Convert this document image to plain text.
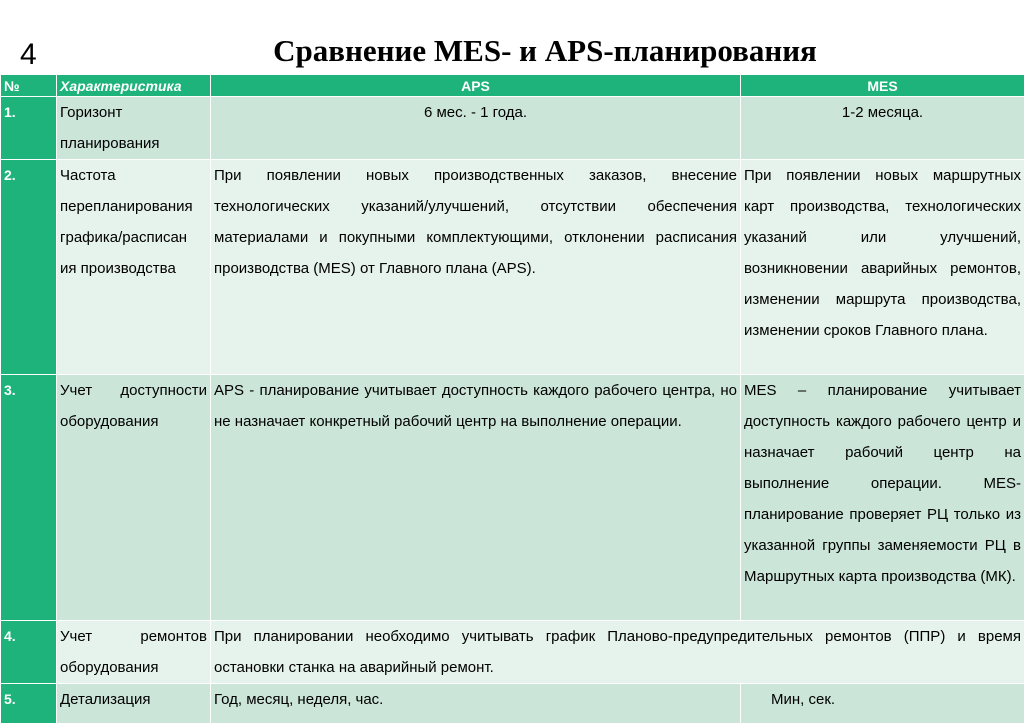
4	Сравнение MES- и APS-планирования
№	Характеристика	APS	MES
1.	Горизонт планирования	6 мес. - 1 года.	1-2 месяца.
2.	Частота перепланирования графика/расписан ия производства	При появлении новых производственных заказов, внесение технологических указаний/улучшений, отсутствии обеспечения материалами и покупными комплектующими, отклонении расписания производства (MES) от Главного плана (APS).	При появлении новых маршрутных карт производства, технологических указаний или улучшений, возникновении аварийных ремонтов, изменении маршрута производства, изменении сроков Главного плана.
3.	Учет доступности оборудования	APS - планирование учитывает доступность каждого рабочего центра, но не назначает конкретный рабочий центр на выполнение операции.	MES – планирование учитывает доступность каждого рабочего центр и назначает рабочий центр на выполнение операции. MES-планирование проверяет РЦ только из указанной группы заменяемости РЦ в Маршрутных карта производства (МК).
4.	Учет ремонтов оборудования	При планировании необходимо учитывать график Планово-предупредительных ремонтов (ППР) и время остановки станка на аварийный ремонт.	
5.	Детализация	Год, месяц, неделя, час.	Мин, сек.
